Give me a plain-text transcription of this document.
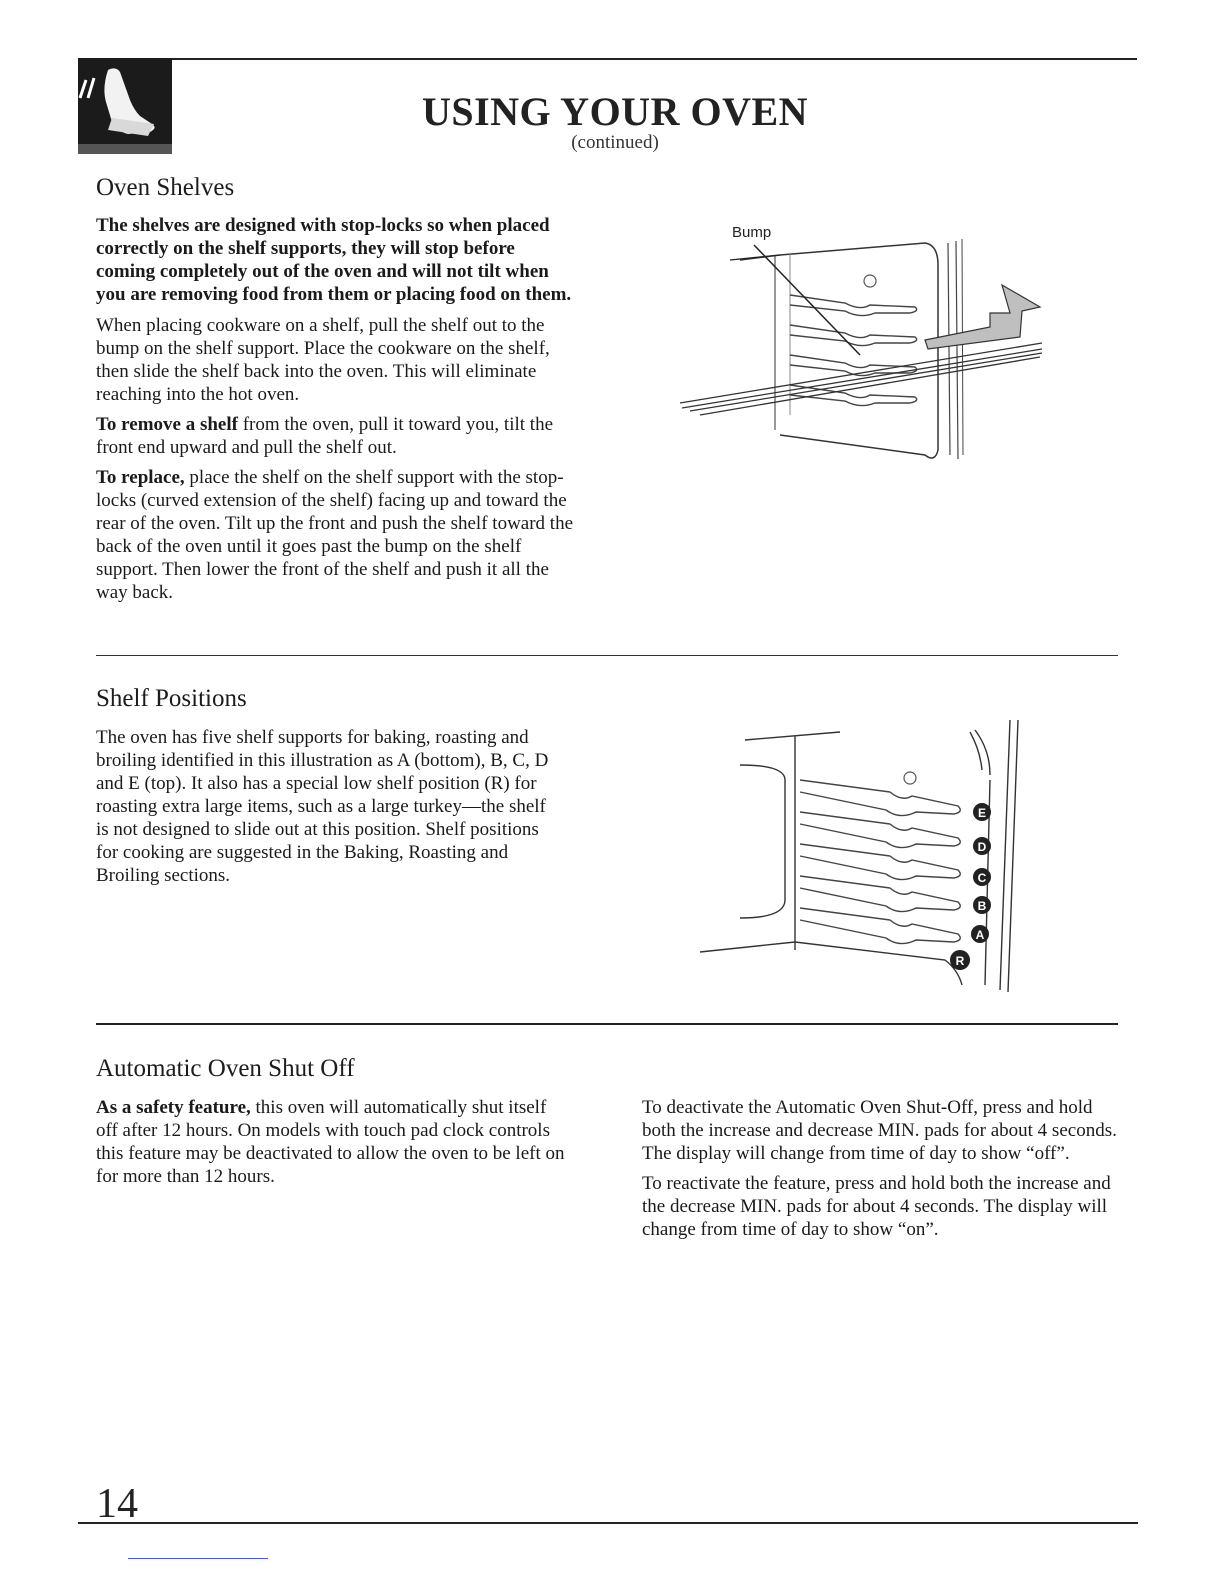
USING YOUR OVEN
(continued)
Oven Shelves

The shelves are designed with stop-locks so when placed correctly on the shelf supports, they will stop before coming completely out of the oven and will not tilt when you are removing food from them or placing food on them.

When placing cookware on a shelf, pull the shelf out to the bump on the shelf support. Place the cookware on the shelf, then slide the shelf back into the oven. This will eliminate reaching into the hot oven.

To remove a shelf from the oven, pull it toward you, tilt the front end upward and pull the shelf out.

To replace, place the shelf on the shelf support with the stop-locks (curved extension of the shelf) facing up and toward the rear of the oven. Tilt up the front and push the shelf toward the back of the oven until it goes past the bump on the shelf support. Then lower the front of the shelf and push it all the way back.

Bump
Shelf Positions

The oven has five shelf supports for baking, roasting and broiling identified in this illustration as A (bottom), B, C, D and E (top). It also has a special low shelf position (R) for roasting extra large items, such as a large turkey—the shelf is not designed to slide out at this position. Shelf positions for cooking are suggested in the Baking, Roasting and Broiling sections.

E
D
C
B
A
R
Automatic Oven Shut Off

As a safety feature, this oven will automatically shut itself off after 12 hours. On models with touch pad clock controls this feature may be deactivated to allow the oven to be left on for more than 12 hours.

To deactivate the Automatic Oven Shut-Off, press and hold both the increase and decrease MIN. pads for about 4 seconds. The display will change from time of day to show “off”.

To reactivate the feature, press and hold both the increase and the decrease MIN. pads for about 4 seconds. The display will change from time of day to show “on”.

14
